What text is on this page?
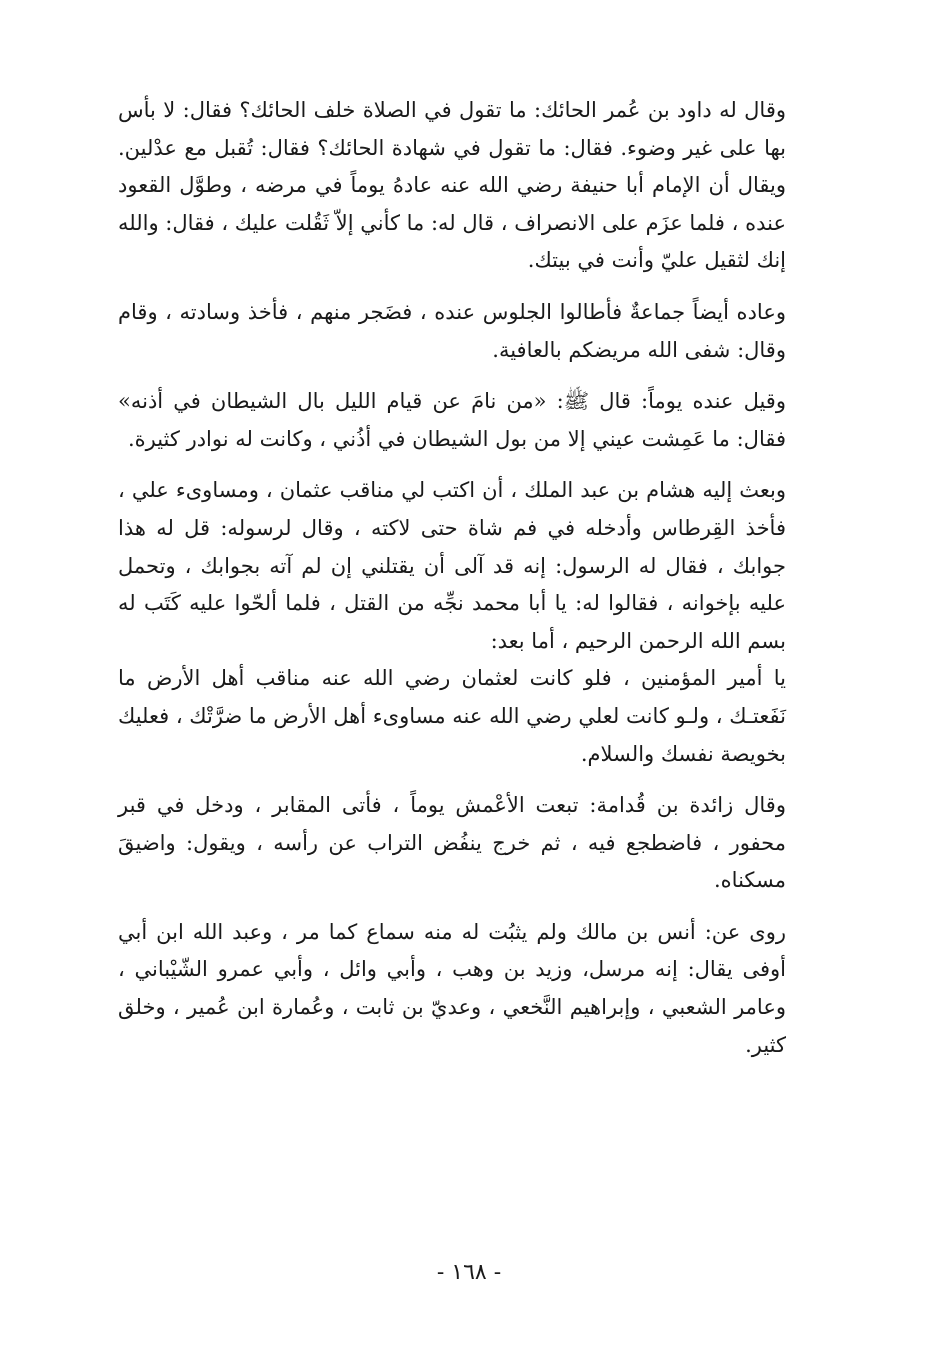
وقال له داود بن عُمر الحائك: ما تقول في الصلاة خلف الحائك؟ فقال: لا بأس بها على غير وضوء. فقال: ما تقول في شهادة الحائك؟ فقال: تُقبل مع عدْلين. ويقال أن الإمام أبا حنيفة رضي الله عنه عادهُ يوماً في مرضه ، وطوَّل القعود عنده ، فلما عزَم على الانصراف ، قال له: ما كأني إلاّ ثَقُلت عليك ، فقال: والله إنك لثقيل عليّ وأنت في بيتك.

وعاده أيضاً جماعةٌ فأطالوا الجلوس عنده ، فضَجر منهم ، فأخذ وسادته ، وقام وقال: شفى الله مريضكم بالعافية.

وقيل عنده يوماً: قال ﷺ: «من نامَ عن قيام الليل بال الشيطان في أذنه» فقال: ما عَمِشت عيني إلا من بول الشيطان في أذُني ، وكانت له نوادر كثيرة.

وبعث إليه هشام بن عبد الملك ، أن اكتب لي مناقب عثمان ، ومساوىء علي ، فأخذ القِرطاس وأدخله في فم شاة حتى لاكته ، وقال لرسوله: قل له هذا جوابك ، فقال له الرسول: إنه قد آلى أن يقتلني إن لم آته بجوابك ، وتحمل عليه بإخوانه ، فقالوا له: يا أبا محمد نجِّه من القتل ، فلما ألحّوا عليه كَتَب له بسم الله الرحمن الرحيم ، أما بعد:

يا أمير المؤمنين ، فلو كانت لعثمان رضي الله عنه مناقب أهل الأرض ما نَفَعتـك ، ولـو كانت لعلي رضي الله عنه مساوىء أهل الأرض ما ضرَّتْك ، فعليك بخويصة نفسك والسلام.

وقال زائدة بن قُدامة: تبعت الأعْمش يوماً ، فأتى المقابر ، ودخل في قبر محفور ، فاضطجع فيه ، ثم خرج ينفُض التراب عن رأسه ، ويقول: واضيقَ مسكناه.

روى عن: أنس بن مالك ولم يثبُت له منه سماع كما مر ، وعبد الله ابن أبي أوفى يقال: إنه مرسل، وزيد بن وهب ، وأبي وائل ، وأبي عمرو الشّيْباني ، وعامر الشعبي ، وإبراهيم النَّخعي ، وعديّ بن ثابت ، وعُمارة ابن عُمير ، وخلق كثير.

- ١٦٨ -
